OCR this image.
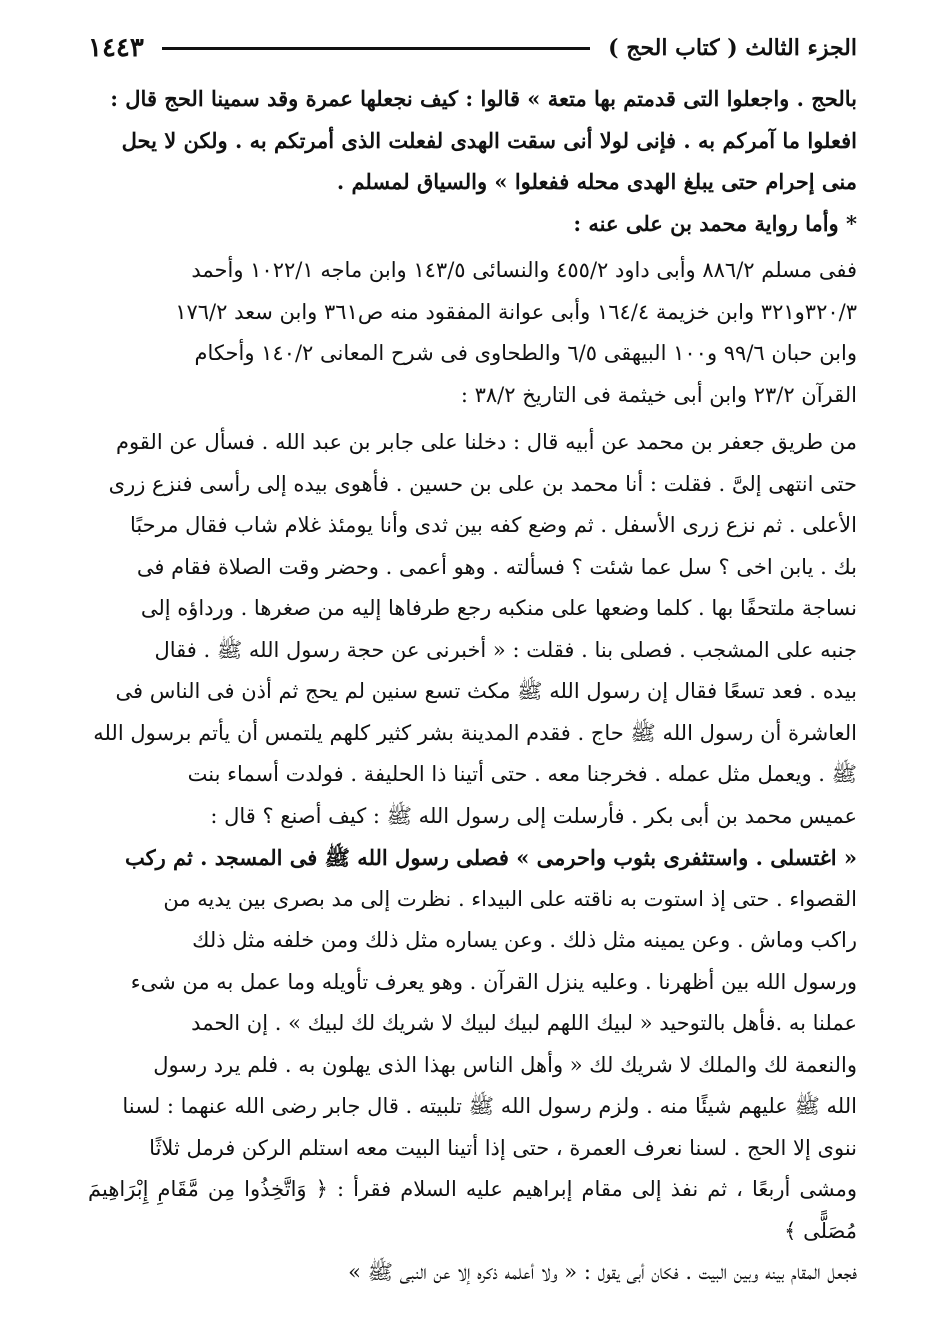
الجزء الثالث ( كتاب الحج )
١٤٤٣

بالحج . واجعلوا التى قدمتم بها متعة » قالوا : كيف نجعلها عمرة وقد سمينا الحج قال :

افعلوا ما آمركم به . فإنى لولا أنى سقت الهدى لفعلت الذى أمرتكم به . ولكن لا يحل

منى إحرام حتى يبلغ الهدى محله ففعلوا » والسياق لمسلم .

* وأما رواية محمد بن على عنه :

ففى مسلم ٨٨٦/٢ وأبى داود ٤٥٥/٢ والنسائى ١٤٣/٥ وابن ماجه ١٠٢٢/١ وأحمد

٣٢٠/٣و٣٢١ وابن خزيمة ١٦٤/٤ وأبى عوانة المفقود منه ص٣٦١ وابن سعد ١٧٦/٢

وابن حبان ٩٩/٦ و١٠٠ البيهقى ٦/٥ والطحاوى فى شرح المعانى ١٤٠/٢ وأحكام

القرآن ٢٣/٢ وابن أبى خيثمة فى التاريخ ٣٨/٢ :

من طريق جعفر بن محمد عن أبيه قال : دخلنا على جابر بن عبد الله . فسأل عن القوم

حتى انتهى إلىَّ . فقلت : أنا محمد بن على بن حسين . فأهوى بيده إلى رأسى فنزع زرى

الأعلى . ثم نزع زرى الأسفل . ثم وضع كفه بين ثدى وأنا يومئذ غلام شاب فقال مرحبًا

بك . يابن اخى ؟ سل عما شئت ؟ فسألته . وهو أعمى . وحضر وقت الصلاة فقام فى

نساجة ملتحفًا بها . كلما وضعها على منكبه رجع طرفاها إليه من صغرها . ورداؤه إلى

جنبه على المشجب . فصلى بنا . فقلت : « أخبرنى عن حجة رسول الله ﷺ . فقال

بيده . فعد تسعًا فقال إن رسول الله ﷺ مكث تسع سنين لم يحج ثم أذن فى الناس فى

العاشرة أن رسول الله ﷺ حاج . فقدم المدينة بشر كثير كلهم يلتمس أن يأتم برسول الله

ﷺ . ويعمل مثل عمله . فخرجنا معه . حتى أتينا ذا الحليفة . فولدت أسماء بنت

عميس محمد بن أبى بكر . فأرسلت إلى رسول الله ﷺ : كيف أصنع ؟ قال :

« اغتسلى . واستثفرى بثوب واحرمى » فصلى رسول الله ﷺ فى المسجد . ثم ركب

القصواء . حتى إذ استوت به ناقته على البيداء . نظرت إلى مد بصرى بين يديه من

راكب وماش . وعن يمينه مثل ذلك . وعن يساره مثل ذلك ومن خلفه مثل ذلك

ورسول الله بين أظهرنا . وعليه ينزل القرآن . وهو يعرف تأويله وما عمل به من شىء

عملنا به .فأهل بالتوحيد « لبيك اللهم لبيك لبيك لا شريك لك لبيك » . إن الحمد

والنعمة لك والملك لا شريك لك « وأهل الناس بهذا الذى يهلون به . فلم يرد رسول

الله ﷺ عليهم شيئًا منه . ولزم رسول الله ﷺ تلبيته . قال جابر رضى الله عنهما : لسنا

ننوى إلا الحج . لسنا نعرف العمرة ، حتى إذا أتينا البيت معه استلم الركن فرمل ثلاثًا

ومشى أربعًا ، ثم نفذ إلى مقام إبراهيم عليه السلام فقرأ : ﴿ وَاتَّخِذُوا مِن مَّقَامِ إِبْرَاهِيمَ مُصَلًّى ﴾

فجعل المقام بينه وبين البيت . فكان أبى يقول : « ولا أعلمه ذكره إلا عن النبى ﷺ »
